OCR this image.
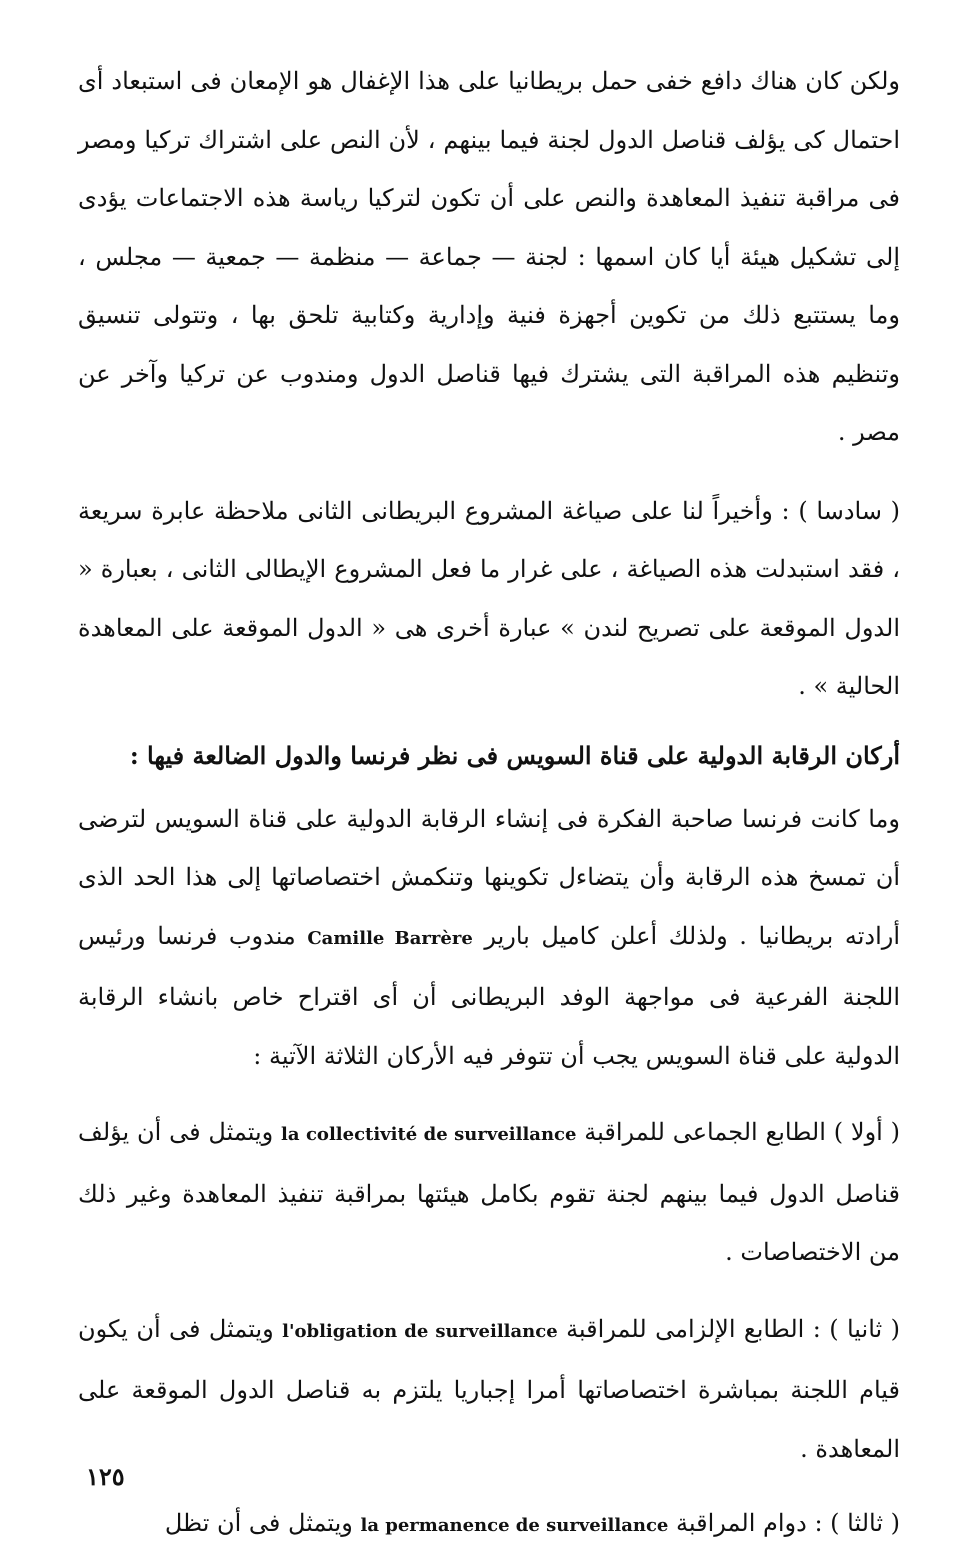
ولكن كان هناك دافع خفى حمل بريطانيا على هذا الإغفال هو الإمعان فى استبعاد أى احتمال كى يؤلف قناصل الدول لجنة فيما بينهم ، لأن النص على اشتراك تركيا ومصر فى مراقبة تنفيذ المعاهدة والنص على أن تكون لتركيا رياسة هذه الاجتماعات يؤدى إلى تشكيل هيئة أيا كان اسمها : لجنة — جماعة — منظمة — جمعية — مجلس ، وما يستتبع ذلك من تكوين أجهزة فنية وإدارية وكتابية تلحق بها ، وتتولى تنسيق وتنظيم هذه المراقبة التى يشترك فيها قناصل الدول ومندوب عن تركيا وآخر عن مصر .

( سادسا ) : وأخيراً لنا على صياغة المشروع البريطانى الثانى ملاحظة عابرة سريعة ، فقد استبدلت هذه الصياغة ، على غرار ما فعل المشروع الإيطالى الثانى ، بعبارة « الدول الموقعة على تصريح لندن » عبارة أخرى هى « الدول الموقعة على المعاهدة الحالية » .

أركان الرقابة الدولية على قناة السويس فى نظر فرنسا والدول الضالعة فيها :

وما كانت فرنسا صاحبة الفكرة فى إنشاء الرقابة الدولية على قناة السويس لترضى أن تمسخ هذه الرقابة وأن يتضاءل تكوينها وتنكمش اختصاصاتها إلى هذا الحد الذى أرادته بريطانيا . ولذلك أعلن كاميل بارير Camille Barrère مندوب فرنسا ورئيس اللجنة الفرعية فى مواجهة الوفد البريطانى أن أى اقتراح خاص بانشاء الرقابة الدولية على قناة السويس يجب أن تتوفر فيه الأركان الثلاثة الآتية :

( أولا ) الطابع الجماعى للمراقبة la collectivité de surveillance ويتمثل فى أن يؤلف قناصل الدول فيما بينهم لجنة تقوم بكامل هيئتها بمراقبة تنفيذ المعاهدة وغير ذلك من الاختصاصات .

( ثانيا ) : الطابع الإلزامى للمراقبة l'obligation de surveillance ويتمثل فى أن يكون قيام اللجنة بمباشرة اختصاصاتها أمرا إجباريا يلتزم به قناصل الدول الموقعة على المعاهدة .

( ثالثا ) : دوام المراقبة la permanence de surveillance ويتمثل فى أن تظل

١٢٥
